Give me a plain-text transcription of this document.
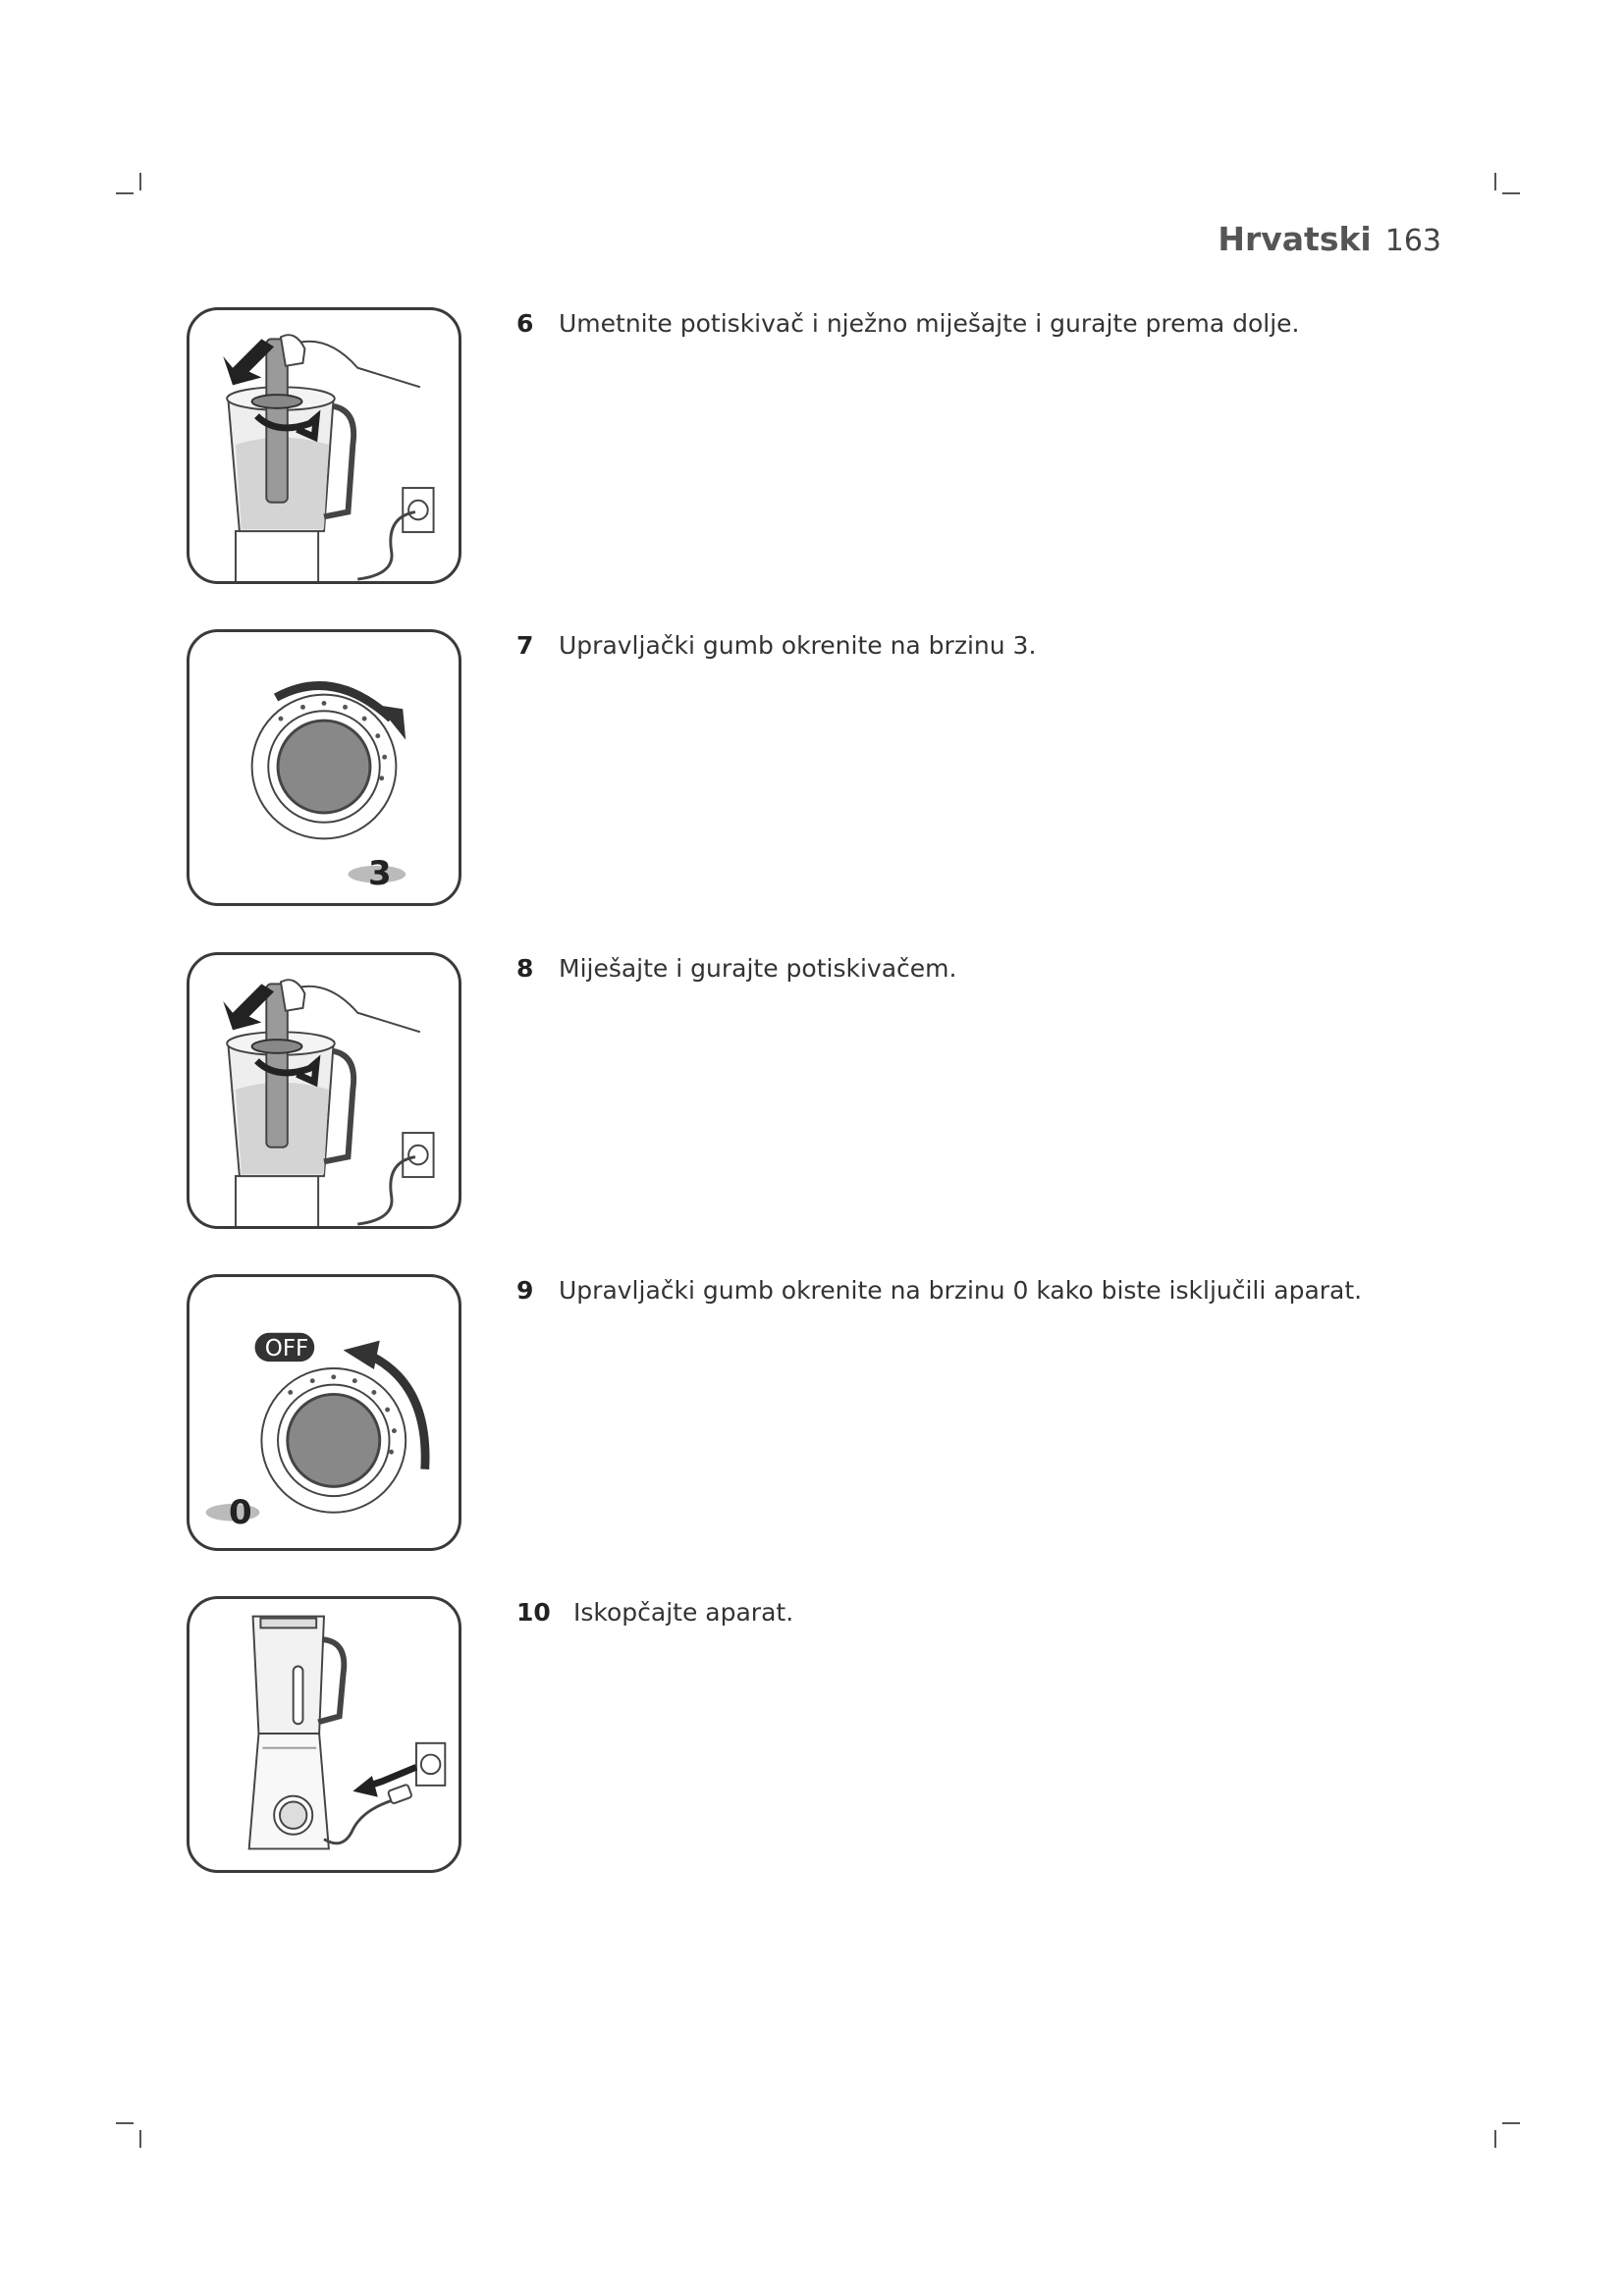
Hrvatski 163
6 Umetnite potiskivač i nježno miješajte i gurajte prema dolje.
3
7 Upravljački gumb okrenite na brzinu 3.
8 Miješajte i gurajte potiskivačem.
OFF
0
9 Upravljački gumb okrenite na brzinu 0 kako biste isključili aparat.
10 Iskopčajte aparat.
